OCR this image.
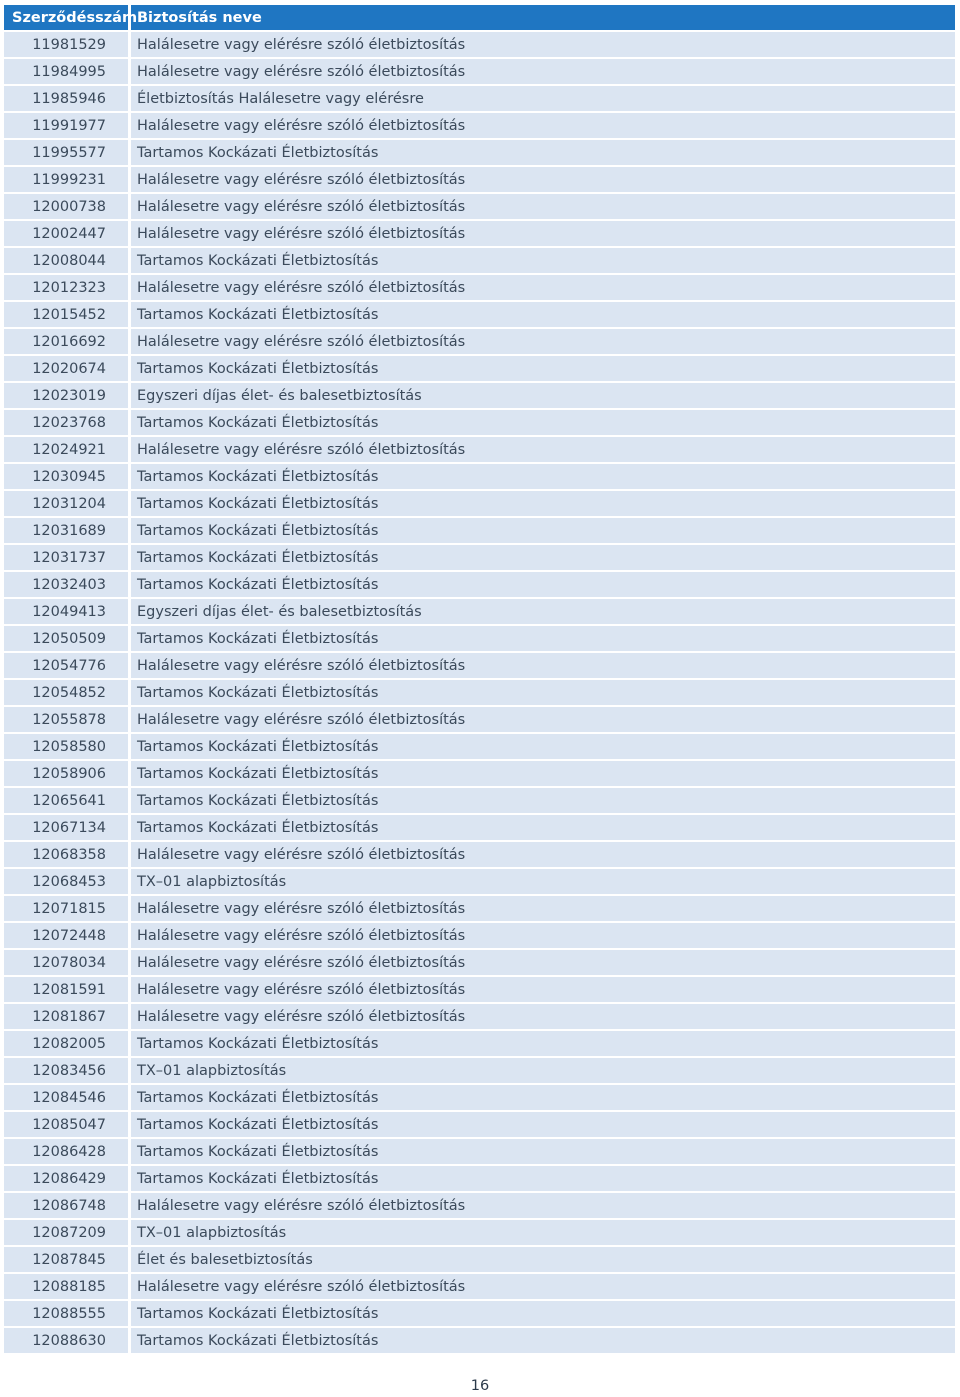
Szerződésszám	Biztosítás neve
11981529	Halálesetre vagy elérésre szóló életbiztosítás
11984995	Halálesetre vagy elérésre szóló életbiztosítás
11985946	Életbiztosítás Halálesetre vagy elérésre
11991977	Halálesetre vagy elérésre szóló életbiztosítás
11995577	Tartamos Kockázati Életbiztosítás
11999231	Halálesetre vagy elérésre szóló életbiztosítás
12000738	Halálesetre vagy elérésre szóló életbiztosítás
12002447	Halálesetre vagy elérésre szóló életbiztosítás
12008044	Tartamos Kockázati Életbiztosítás
12012323	Halálesetre vagy elérésre szóló életbiztosítás
12015452	Tartamos Kockázati Életbiztosítás
12016692	Halálesetre vagy elérésre szóló életbiztosítás
12020674	Tartamos Kockázati Életbiztosítás
12023019	Egyszeri díjas élet- és balesetbiztosítás
12023768	Tartamos Kockázati Életbiztosítás
12024921	Halálesetre vagy elérésre szóló életbiztosítás
12030945	Tartamos Kockázati Életbiztosítás
12031204	Tartamos Kockázati Életbiztosítás
12031689	Tartamos Kockázati Életbiztosítás
12031737	Tartamos Kockázati Életbiztosítás
12032403	Tartamos Kockázati Életbiztosítás
12049413	Egyszeri díjas élet- és balesetbiztosítás
12050509	Tartamos Kockázati Életbiztosítás
12054776	Halálesetre vagy elérésre szóló életbiztosítás
12054852	Tartamos Kockázati Életbiztosítás
12055878	Halálesetre vagy elérésre szóló életbiztosítás
12058580	Tartamos Kockázati Életbiztosítás
12058906	Tartamos Kockázati Életbiztosítás
12065641	Tartamos Kockázati Életbiztosítás
12067134	Tartamos Kockázati Életbiztosítás
12068358	Halálesetre vagy elérésre szóló életbiztosítás
12068453	TX–01 alapbiztosítás
12071815	Halálesetre vagy elérésre szóló életbiztosítás
12072448	Halálesetre vagy elérésre szóló életbiztosítás
12078034	Halálesetre vagy elérésre szóló életbiztosítás
12081591	Halálesetre vagy elérésre szóló életbiztosítás
12081867	Halálesetre vagy elérésre szóló életbiztosítás
12082005	Tartamos Kockázati Életbiztosítás
12083456	TX–01 alapbiztosítás
12084546	Tartamos Kockázati Életbiztosítás
12085047	Tartamos Kockázati Életbiztosítás
12086428	Tartamos Kockázati Életbiztosítás
12086429	Tartamos Kockázati Életbiztosítás
12086748	Halálesetre vagy elérésre szóló életbiztosítás
12087209	TX–01 alapbiztosítás
12087845	Élet és balesetbiztosítás
12088185	Halálesetre vagy elérésre szóló életbiztosítás
12088555	Tartamos Kockázati Életbiztosítás
12088630	Tartamos Kockázati Életbiztosítás
16
